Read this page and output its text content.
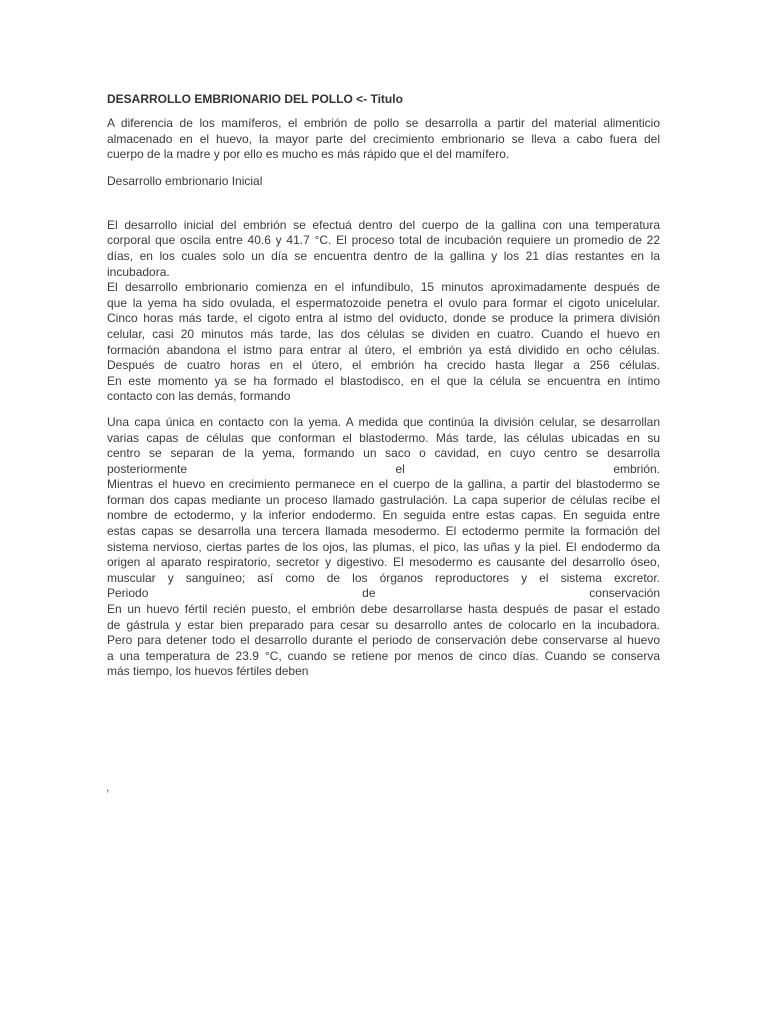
DESARROLLO EMBRIONARIO DEL POLLO <- Titulo
A diferencia de los mamíferos, el embrión de pollo se desarrolla a partir del material alimenticio
almacenado en el huevo, la mayor parte del crecimiento embrionario se lleva a cabo fuera del
cuerpo de la madre y por ello es mucho es más rápido que el del mamífero.
Desarrollo embrionario Inicial
El desarrollo inicial del embrión se efectuá dentro del cuerpo de la gallina con una temperatura
corporal que oscila entre 40.6 y 41.7 °C. El proceso total de incubación requiere un promedio de 22
días, en los cuales solo un día se encuentra dentro de la gallina y los 21 días restantes en la
incubadora.
El desarrollo embrionario comienza en el infundíbulo, 15 minutos aproximadamente después de
que la yema ha sido ovulada, el espermatozoide penetra el ovulo para formar el cigoto unicelular.
Cinco horas más tarde, el cigoto entra al istmo del oviducto, donde se produce la primera división
celular, casi 20 minutos más tarde, las dos células se dividen en cuatro. Cuando el huevo en
formación abandona el istmo para entrar al útero, el embrión ya está dividido en ocho células.
Después de cuatro horas en el útero, el embrión ha crecido hasta llegar a 256 células.
En este momento ya se ha formado el blastodisco, en el que la célula se encuentra en íntimo
contacto con las demás, formando
Una capa única en contacto con la yema. A medida que continúa la división celular, se desarrollan
varias capas de células que conforman el blastodermo. Más tarde, las células ubicadas en su
centro se separan de la yema, formando un saco o cavidad, en cuyo centro se desarrolla
posteriormente el embrión.
Mientras el huevo en crecimiento permanece en el cuerpo de la gallina, a partir del blastodermo se
forman dos capas mediante un proceso llamado gastrulación. La capa superior de células recibe el
nombre de ectodermo, y la inferior endodermo. En seguida entre estas capas. En seguida entre
estas capas se desarrolla una tercera llamada mesodermo. El ectodermo permite la formación del
sistema nervioso, ciertas partes de los ojos, las plumas, el pico, las uñas y la piel. El endodermo da
origen al aparato respiratorio, secretor y digestivo. El mesodermo es causante del desarrollo óseo,
muscular y sanguíneo; así como de los órganos reproductores y el sistema excretor.
Periodo de conservación
En un huevo fértil recién puesto, el embrión debe desarrollarse hasta después de pasar el estado
de gástrula y estar bien preparado para cesar su desarrollo antes de colocarlo en la incubadora.
Pero para detener todo el desarrollo durante el periodo de conservación debe conservarse al huevo
a una temperatura de 23.9 °C, cuando se retiene por menos de cinco días. Cuando se conserva
más tiempo, los huevos fértiles deben
,
